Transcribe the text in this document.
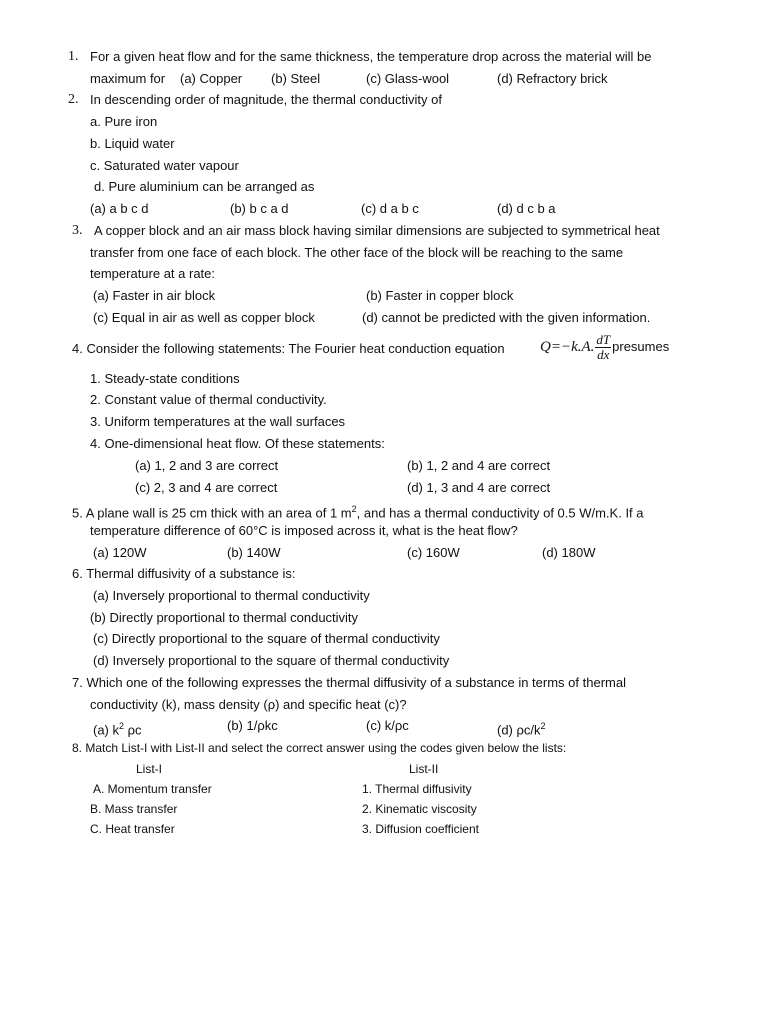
1. For a given heat flow and for the same thickness, the temperature drop across the material will be
maximum for (a) Copper (b) Steel	(c) Glass-wool	(d) Refractory brick
2. In descending order of magnitude, the thermal conductivity of
a. Pure iron
b. Liquid water
c. Saturated water vapour
d. Pure aluminium can be arranged as
(a) a b c d	(b) b c a d	(c) d a b c	(d) d c b a
3. A copper block and an air mass block having similar dimensions are subjected to symmetrical heat
transfer from one face of each block. The other face of the block will be reaching to the same
temperature at a rate:
(a) Faster in air block	(b) Faster in copper block
(c) Equal in air as well as copper block	(d) cannot be predicted with the given information.
4. Consider the following statements: The Fourier heat conduction equation Q=−k.A. $\frac{dT}{dx}$ presumes
1. Steady-state conditions
2. Constant value of thermal conductivity.
3. Uniform temperatures at the wall surfaces
4. One-dimensional heat flow. Of these statements:
(a) 1, 2 and 3 are correct	(b) 1, 2 and 4 are correct
(c) 2, 3 and 4 are correct	(d) 1, 3 and 4 are correct
5. A plane wall is 25 cm thick with an area of 1 $m^2$, and has a thermal conductivity of 0.5 W/m.K. If a
temperature difference of 60°C is imposed across it, what is the heat flow?
(a) 120W	(b) 140W	(c) 160W	(d) 180W
6. Thermal diffusivity of a substance is:
(a) Inversely proportional to thermal conductivity
(b) Directly proportional to thermal conductivity
(c) Directly proportional to the square of thermal conductivity
(d) Inversely proportional to the square of thermal conductivity
7. Which one of the following expresses the thermal diffusivity of a substance in terms of thermal
conductivity (k), mass density (ρ) and specific heat (c)?
(a) $k^2$ ρc	(b) 1/ρkc	(c) k/ρc	(d) $\rho c/k^2$
8. Match List-I with List-II and select the correct answer using the codes given below the lists:
List-I	List-II
A. Momentum transfer	1. Thermal diffusivity
B. Mass transfer	2. Kinematic viscosity
C. Heat transfer	3. Diffusion coefficient
